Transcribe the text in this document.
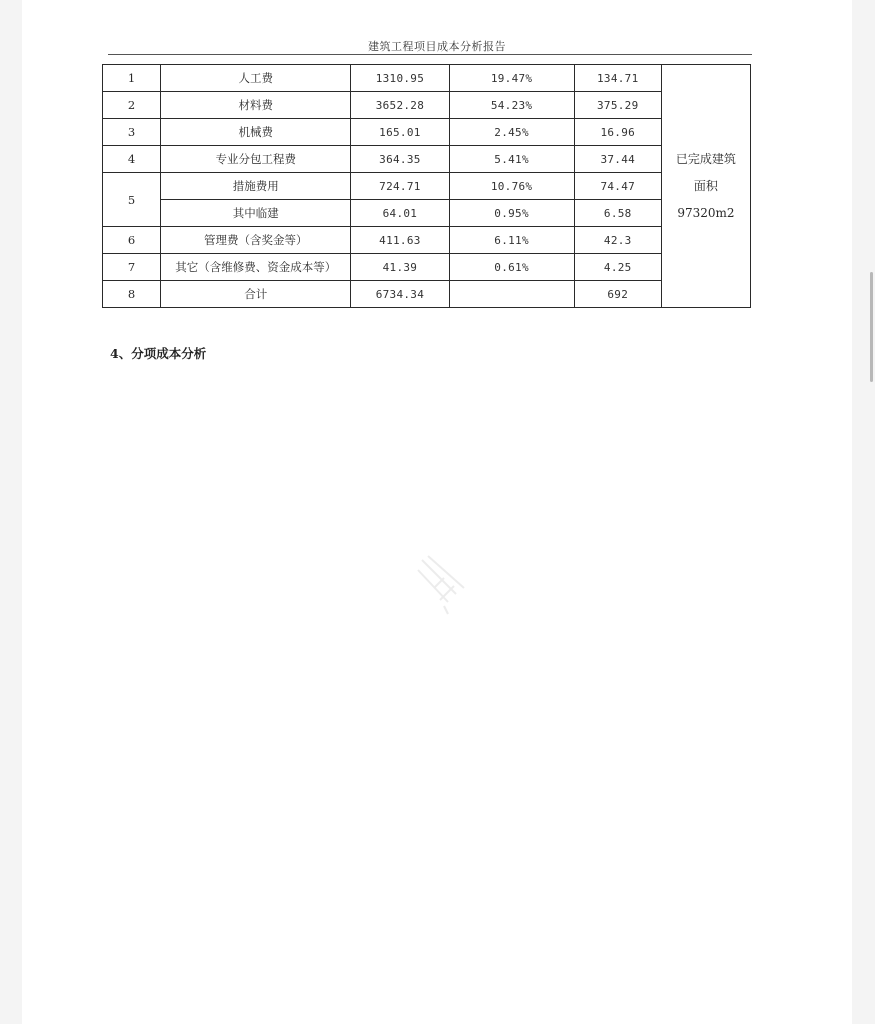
建筑工程项目成本分析报告
1	人工费	1310.95	19.47%	134.71	已完成建筑
面积
97320m2

2	材料费	3652.28	54.23%	375.29	
3	机械费	165.01	2.45%	16.96	
4	专业分包工程费	364.35	5.41%	37.44	
5	措施费用	724.71	10.76%	74.47	
	其中临建	64.01	0.95%	6.58	
6	管理费（含奖金等）	411.63	6.11%	42.3	
7	其它（含维修费、资金成本等）	41.39	0.61%	4.25	
8	合计	6734.34		692	
4、分项成本分析
